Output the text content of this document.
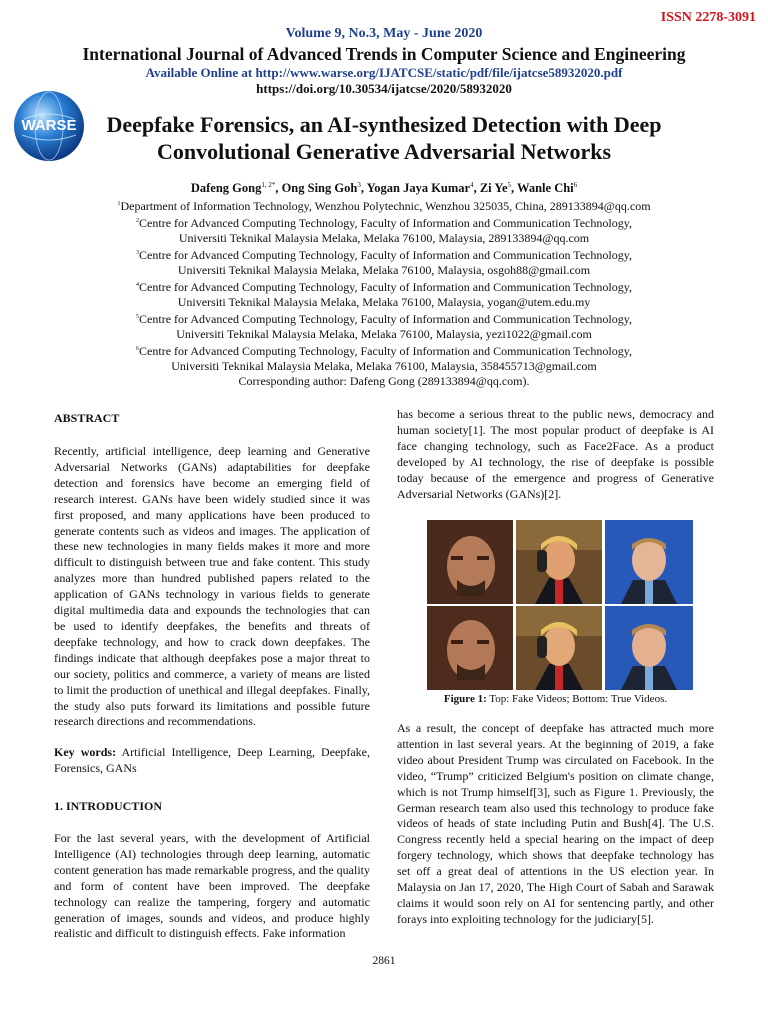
ISSN 2278-3091
Volume 9, No.3, May - June 2020
International Journal of Advanced Trends in Computer Science and Engineering
Available Online at http://www.warse.org/IJATCSE/static/pdf/file/ijatcse58932020.pdf
https://doi.org/10.30534/ijatcse/2020/58932020
WARSE	Deepfake Forensics, an AI-synthesized Detection with Deep
Convolutional Generative Adversarial Networks
Dafeng Gong$^{1, 2*}$, Ong Sing Goh$^3$, Yogan Jaya Kumar$^4$, Zi Ye$^5$, Wanle Chi$^6$
$^1$Department of Information Technology, Wenzhou Polytechnic, Wenzhou 325035, China, 289133894@qq.com
$^2$Centre for Advanced Computing Technology, Faculty of Information and Communication Technology,
Universiti Teknikal Malaysia Melaka, Melaka 76100, Malaysia, 289133894@qq.com
$^3$Centre for Advanced Computing Technology, Faculty of Information and Communication Technology,
Universiti Teknikal Malaysia Melaka, Melaka 76100, Malaysia, osgoh88@gmail.com
$^4$Centre for Advanced Computing Technology, Faculty of Information and Communication Technology,
Universiti Teknikal Malaysia Melaka, Melaka 76100, Malaysia, yogan@utem.edu.my
$^5$Centre for Advanced Computing Technology, Faculty of Information and Communication Technology,
Universiti Teknikal Malaysia Melaka, Melaka 76100, Malaysia, yezi1022@gmail.com
$^6$Centre for Advanced Computing Technology, Faculty of Information and Communication Technology,
Universiti Teknikal Malaysia Melaka, Melaka 76100, Malaysia, 358455713@gmail.com
Corresponding author: Dafeng Gong (289133894@qq.com).
ABSTRACT
Recently, artificial intelligence, deep learning and Generative Adversarial Networks (GANs) adaptabilities for deepfake detection and forensics have become an emerging field of research interest. GANs have been widely studied since it was first proposed, and many applications have been produced to generate contents such as videos and images. The application of these new technologies in many fields makes it more and more difficult to distinguish between true and fake content. This study analyzes more than hundred published papers related to the application of GANs technology in various fields to generate digital multimedia data and expounds the technologies that can be used to identify deepfakes, the benefits and threats of deepfake technology, and how to crack down deepfakes. The findings indicate that although deepfakes pose a major threat to our society, politics and commerce, a variety of means are listed to limit the production of unethical and illegal deepfakes. Finally, the study also puts forward its limitations and possible future research directions and recommendations.
Key words: Artificial Intelligence, Deep Learning, Deepfake, Forensics, GANs
1. INTRODUCTION
For the last several years, with the development of Artificial Intelligence (AI) technologies through deep learning, automatic content generation has made remarkable progress, and the quality and form of content have been improved. The deepfake technology can realize the tampering, forgery and automatic generation of images, sounds and videos, and produce highly realistic and difficult to distinguish effects. Fake information
has become a serious threat to the public news, democracy and human society[1]. The most popular product of deepfake is AI face changing technology, such as Face2Face. As a product developed by AI technology, the rise of deepfake is possible today because of the emergence and progress of Generative Adversarial Networks (GANs)[2].
Figure 1: Top: Fake Videos; Bottom: True Videos.
As a result, the concept of deepfake has attracted much more attention in last several years. At the beginning of 2019, a fake video about President Trump was circulated on Facebook. In the video, “Trump” criticized Belgium's position on climate change, which is not Trump himself[3], such as Figure 1. Previously, the German research team also used this technology to produce fake videos of heads of state including Putin and Bush[4]. The U.S. Congress recently held a special hearing on the impact of deep forgery technology, which shows that deepfake technology has set off a great deal of attentions in the US election year. In Malaysia on Jan 17, 2020, The High Court of Sabah and Sarawak claims it would soon rely on AI for sentencing partly, and other forays into exploiting technology for the judiciary[5].
2861
